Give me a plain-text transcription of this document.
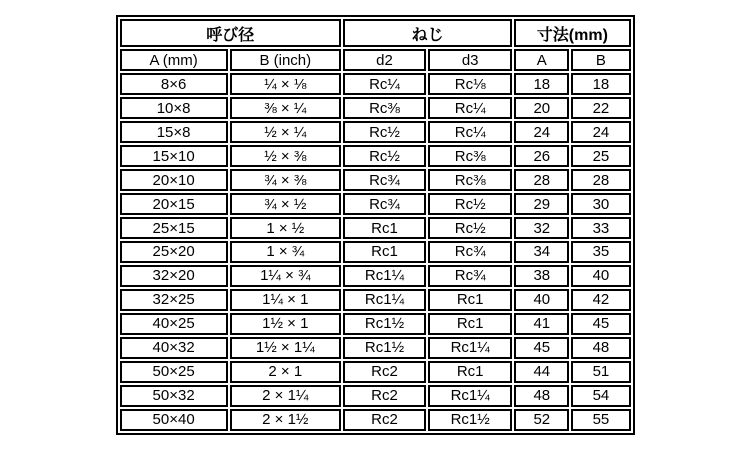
呼び径		ねじ		寸法(mm)	
A (mm)	B (inch)	d2	d3	A	B
8×6	¼ × ⅛	Rc¼	Rc⅛	18	18
10×8	⅜ × ¼	Rc⅜	Rc¼	20	22
15×8	½ × ¼	Rc½	Rc¼	24	24
15×10	½ × ⅜	Rc½	Rc⅜	26	25
20×10	¾ × ⅜	Rc¾	Rc⅜	28	28
20×15	¾ × ½	Rc¾	Rc½	29	30
25×15	1 × ½	Rc1	Rc½	32	33
25×20	1 × ¾	Rc1	Rc¾	34	35
32×20	1¼ × ¾	Rc1¼	Rc¾	38	40
32×25	1¼ × 1	Rc1¼	Rc1	40	42
40×25	1½ × 1	Rc1½	Rc1	41	45
40×32	1½ × 1¼	Rc1½	Rc1¼	45	48
50×25	2 × 1	Rc2	Rc1	44	51
50×32	2 × 1¼	Rc2	Rc1¼	48	54
50×40	2 × 1½	Rc2	Rc1½	52	55
